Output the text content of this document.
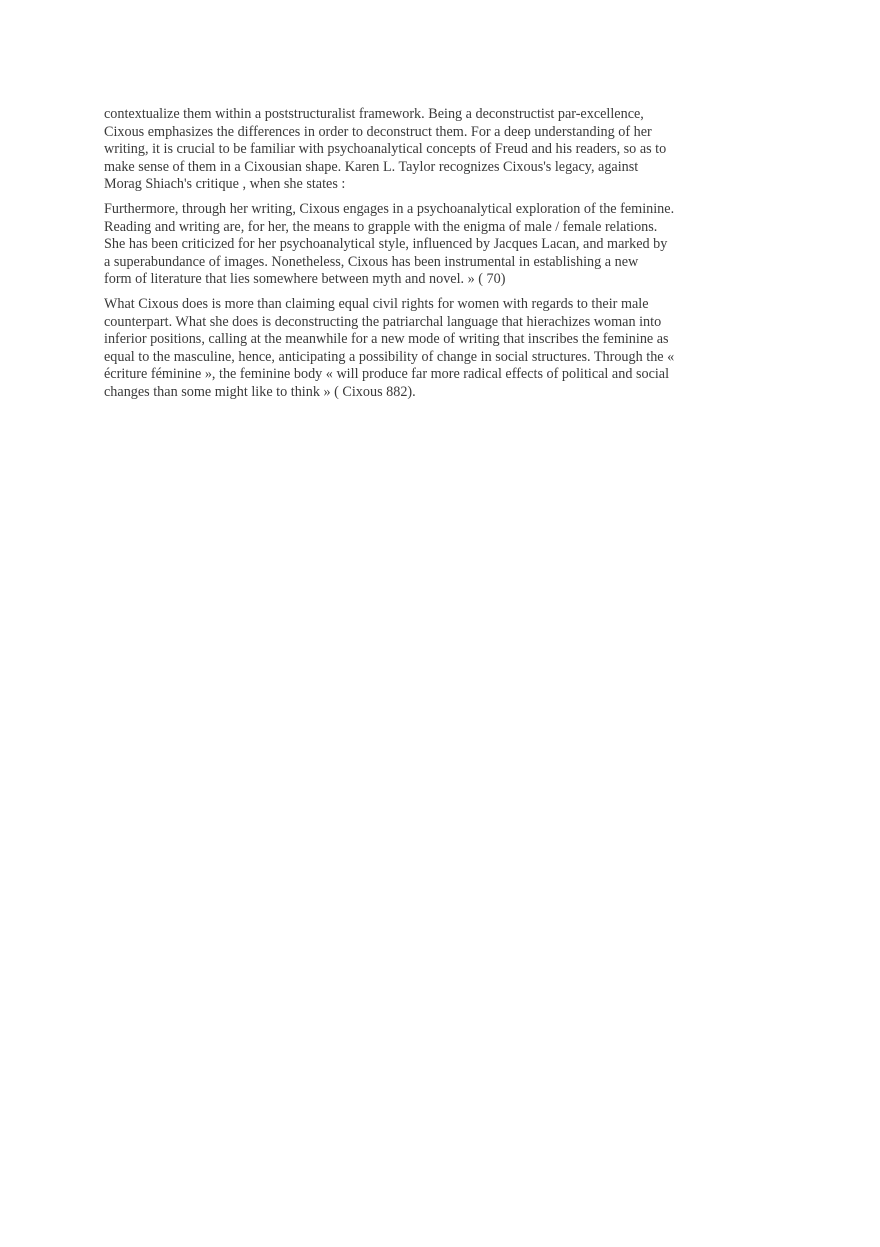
contextualize them within a poststructuralist framework. Being a deconstructist par-excellence,
Cixous emphasizes the differences in order to deconstruct them. For a deep understanding of her
writing, it is crucial to be familiar with psychoanalytical concepts of Freud and his readers, so as to
make sense of them in a Cixousian shape. Karen L. Taylor recognizes Cixous's legacy, against
Morag Shiach's critique , when she states :

Furthermore, through her writing, Cixous engages in a psychoanalytical exploration of the feminine.
Reading and writing are, for her, the means to grapple with the enigma of male / female relations.
She has been criticized for her psychoanalytical style, influenced by Jacques Lacan, and marked by
a superabundance of images. Nonetheless, Cixous has been instrumental in establishing a new
form of literature that lies somewhere between myth and novel. » ( 70)

What Cixous does is more than claiming equal civil rights for women with regards to their male
counterpart. What she does is deconstructing the patriarchal language that hierachizes woman into
inferior positions, calling at the meanwhile for a new mode of writing that inscribes the feminine as
equal to the masculine, hence, anticipating a possibility of change in social structures. Through the «
écriture féminine », the feminine body « will produce far more radical effects of political and social
changes than some might like to think » ( Cixous 882).
